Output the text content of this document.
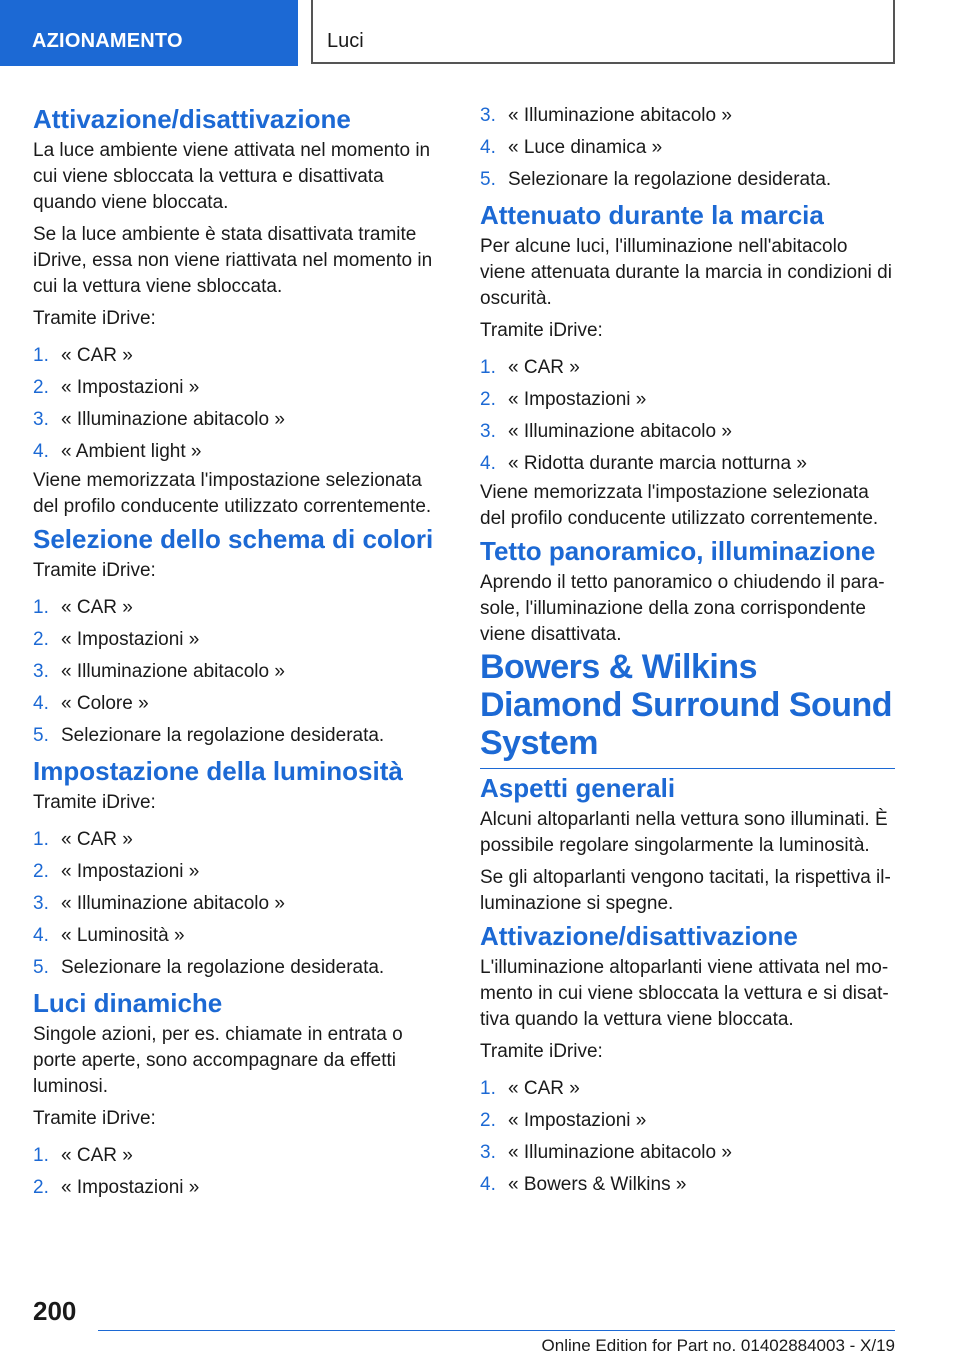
AZIONAMENTO	Luci
Attivazione/disattivazione

La luce ambiente viene attivata nel momento in cui viene sbloccata la vettura e disattivata quando viene bloccata.

Se la luce ambiente è stata disattivata tramite iDrive, essa non viene riattivata nel momento in cui la vettura viene sbloccata.

Tramite iDrive:

1. « CAR »
2. « Impostazioni »
3. « Illuminazione abitacolo »
4. « Ambient light »

Viene memorizzata l'impostazione selezionata del profilo conducente utilizzato correntemente.

Selezione dello schema di colori

Tramite iDrive:

1. « CAR »
2. « Impostazioni »
3. « Illuminazione abitacolo »
4. « Colore »
5. Selezionare la regolazione desiderata.
Impostazione della luminosità

Tramite iDrive:

1. « CAR »
2. « Impostazioni »
3. « Illuminazione abitacolo »
4. « Luminosità »
5. Selezionare la regolazione desiderata.
Luci dinamiche

Singole azioni, per es. chiamate in entrata o porte aperte, sono accompagnare da effetti luminosi.

Tramite iDrive:

1. « CAR »
2. « Impostazioni »
3. « Illuminazione abitacolo »
4. « Luce dinamica »
5. Selezionare la regolazione desiderata.
Attenuato durante la marcia

Per alcune luci, l'illuminazione nell'abitacolo viene attenuata durante la marcia in condizioni di oscurità.

Tramite iDrive:

1. « CAR »
2. « Impostazioni »
3. « Illuminazione abitacolo »
4. « Ridotta durante marcia notturna »

Viene memorizzata l'impostazione selezionata del profilo conducente utilizzato correntemente.

Tetto panoramico, illuminazione

Aprendo il tetto panoramico o chiudendo il parasole, l'illuminazione della zona corrispondente viene disattivata.

Bowers & Wilkins Diamond Surround Sound System
Aspetti generali

Alcuni altoparlanti nella vettura sono illuminati. È possibile regolare singolarmente la luminosità.

Se gli altoparlanti vengono tacitati, la rispettiva illuminazione si spegne.

Attivazione/disattivazione

L'illuminazione altoparlanti viene attivata nel momento in cui viene sbloccata la vettura e si disattiva quando la vettura viene bloccata.

Tramite iDrive:

1. « CAR »
2. « Impostazioni »
3. « Illuminazione abitacolo »
4. « Bowers & Wilkins »
200
Online Edition for Part no. 01402884003 - X/19
